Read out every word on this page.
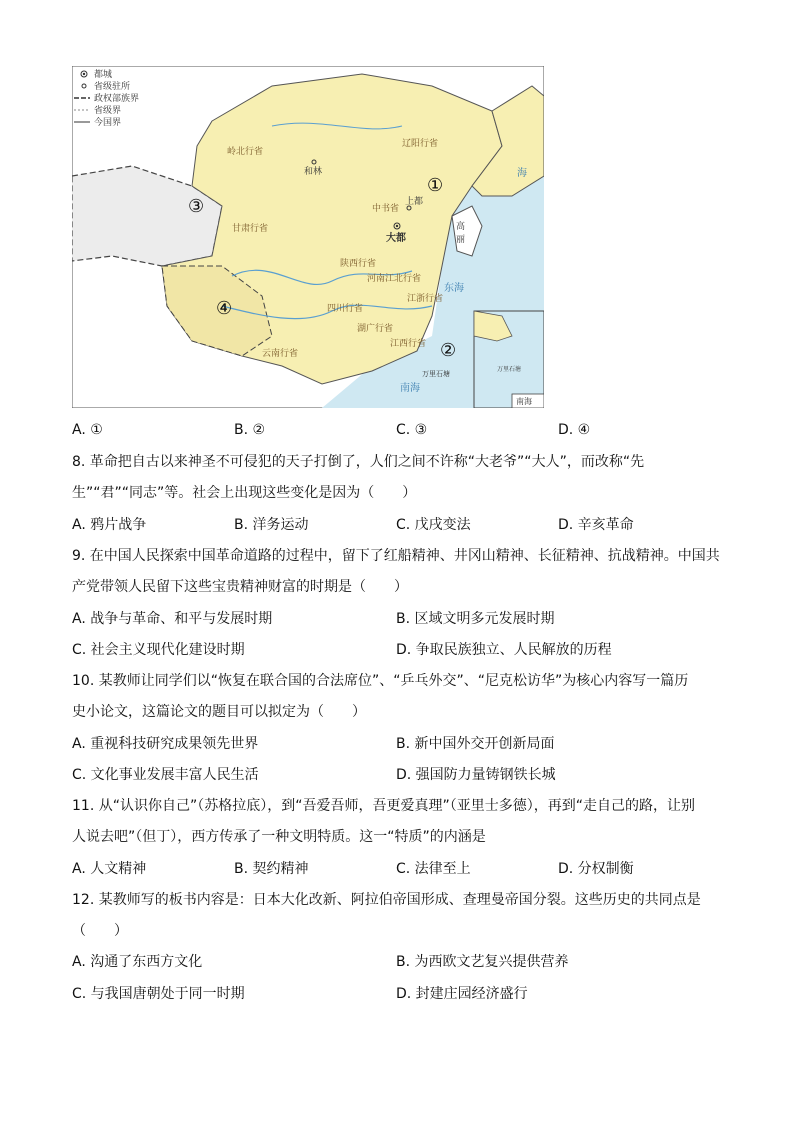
都城
省级驻所
政权部族界
省级界
今国界
和林
上都
大都
岭北行省
甘肃行省
陕西行省
四川行省
河南江北行省
江浙行省
湖广行省
江西行省
云南行省
中书省
辽阳行省
高
丽
东海
南海
海
万里石塘
万里石塘
南海
①
②
③
④
A. ①	B. ②	C. ③	D. ④
8. 革命把自古以来神圣不可侵犯的天子打倒了，人们之间不许称“大老爷”“大人”，而改称“先
生”“君”“同志”等。社会上出现这些变化是因为（　　）
A. 鸦片战争	B. 洋务运动	C. 戊戌变法	D. 辛亥革命
9. 在中国人民探索中国革命道路的过程中，留下了红船精神、井冈山精神、长征精神、抗战精神。中国共
产党带领人民留下这些宝贵精神财富的时期是（　　）
A. 战争与革命、和平与发展时期	B. 区域文明多元发展时期
C. 社会主义现代化建设时期	D. 争取民族独立、人民解放的历程
10. 某教师让同学们以“恢复在联合国的合法席位”、“乒乓外交”、“尼克松访华”为核心内容写一篇历
史小论文，这篇论文的题目可以拟定为（　　）
A. 重视科技研究成果领先世界	B. 新中国外交开创新局面
C. 文化事业发展丰富人民生活	D. 强国防力量铸钢铁长城
11. 从“认识你自己”（苏格拉底），到“吾爱吾师，吾更爱真理”（亚里士多德），再到“走自己的路，让别
人说去吧”（但丁），西方传承了一种文明特质。这一“特质”的内涵是
A. 人文精神	B. 契约精神	C. 法律至上	D. 分权制衡
12. 某教师写的板书内容是：日本大化改新、阿拉伯帝国形成、查理曼帝国分裂。这些历史的共同点是
（　　）
A. 沟通了东西方文化	B. 为西欧文艺复兴提供营养
C. 与我国唐朝处于同一时期	D. 封建庄园经济盛行
